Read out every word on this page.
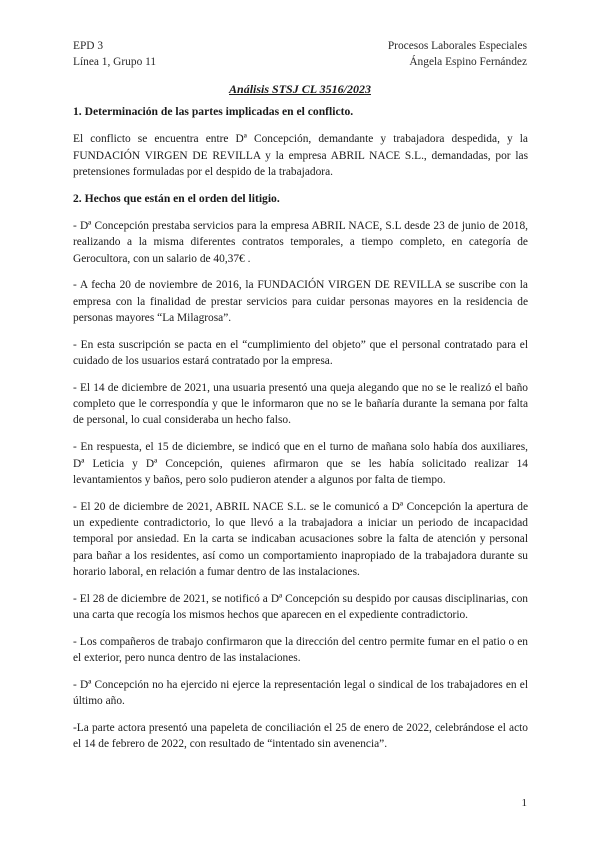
EPD 3
Línea 1, Grupo 11
Procesos Laborales Especiales
Ángela Espino Fernández
Análisis STSJ CL 3516/2023
1. Determinación de las partes implicadas en el conflicto.

El conflicto se encuentra entre Dª Concepción, demandante y trabajadora despedida, y la FUNDACIÓN VIRGEN DE REVILLA y la empresa ABRIL NACE S.L., demandadas, por las pretensiones formuladas por el despido de la trabajadora.

2. Hechos que están en el orden del litigio.

- Dª Concepción prestaba servicios para la empresa ABRIL NACE, S.L desde 23 de junio de 2018, realizando a la misma diferentes contratos temporales, a tiempo completo, en categoría de Gerocultora, con un salario de 40,37€ .

- A fecha 20 de noviembre de 2016, la FUNDACIÓN VIRGEN DE REVILLA se suscribe con la empresa con la finalidad de prestar servicios para cuidar personas mayores en la residencia de personas mayores “La Milagrosa”.

- En esta suscripción se pacta en el “cumplimiento del objeto” que el personal contratado para el cuidado de los usuarios estará contratado por la empresa.

- El 14 de diciembre de 2021, una usuaria presentó una queja alegando que no se le realizó el baño completo que le correspondía y que le informaron que no se le bañaría durante la semana por falta de personal, lo cual consideraba un hecho falso.

- En respuesta, el 15 de diciembre, se indicó que en el turno de mañana solo había dos auxiliares, Dª Leticia y Dª Concepción, quienes afirmaron que se les había solicitado realizar 14 levantamientos y baños, pero solo pudieron atender a algunos por falta de tiempo.

- El 20 de diciembre de 2021, ABRIL NACE S.L. se le comunicó a Dª Concepción la apertura de un expediente contradictorio, lo que llevó a la trabajadora a iniciar un periodo de incapacidad temporal por ansiedad. En la carta se indicaban acusaciones sobre la falta de atención y personal para bañar a los residentes, así como un comportamiento inapropiado de la trabajadora durante su horario laboral, en relación a fumar dentro de las instalaciones.

- El 28 de diciembre de 2021, se notificó a Dª Concepción su despido por causas disciplinarias, con una carta que recogía los mismos hechos que aparecen en el expediente contradictorio.

- Los compañeros de trabajo confirmaron que la dirección del centro permite fumar en el patio o en el exterior, pero nunca dentro de las instalaciones.

- Dª Concepción no ha ejercido ni ejerce la representación legal o sindical de los trabajadores en el último año.

-La parte actora presentó una papeleta de conciliación el 25 de enero de 2022, celebrándose el acto el 14 de febrero de 2022, con resultado de “intentado sin avenencia”.

1
